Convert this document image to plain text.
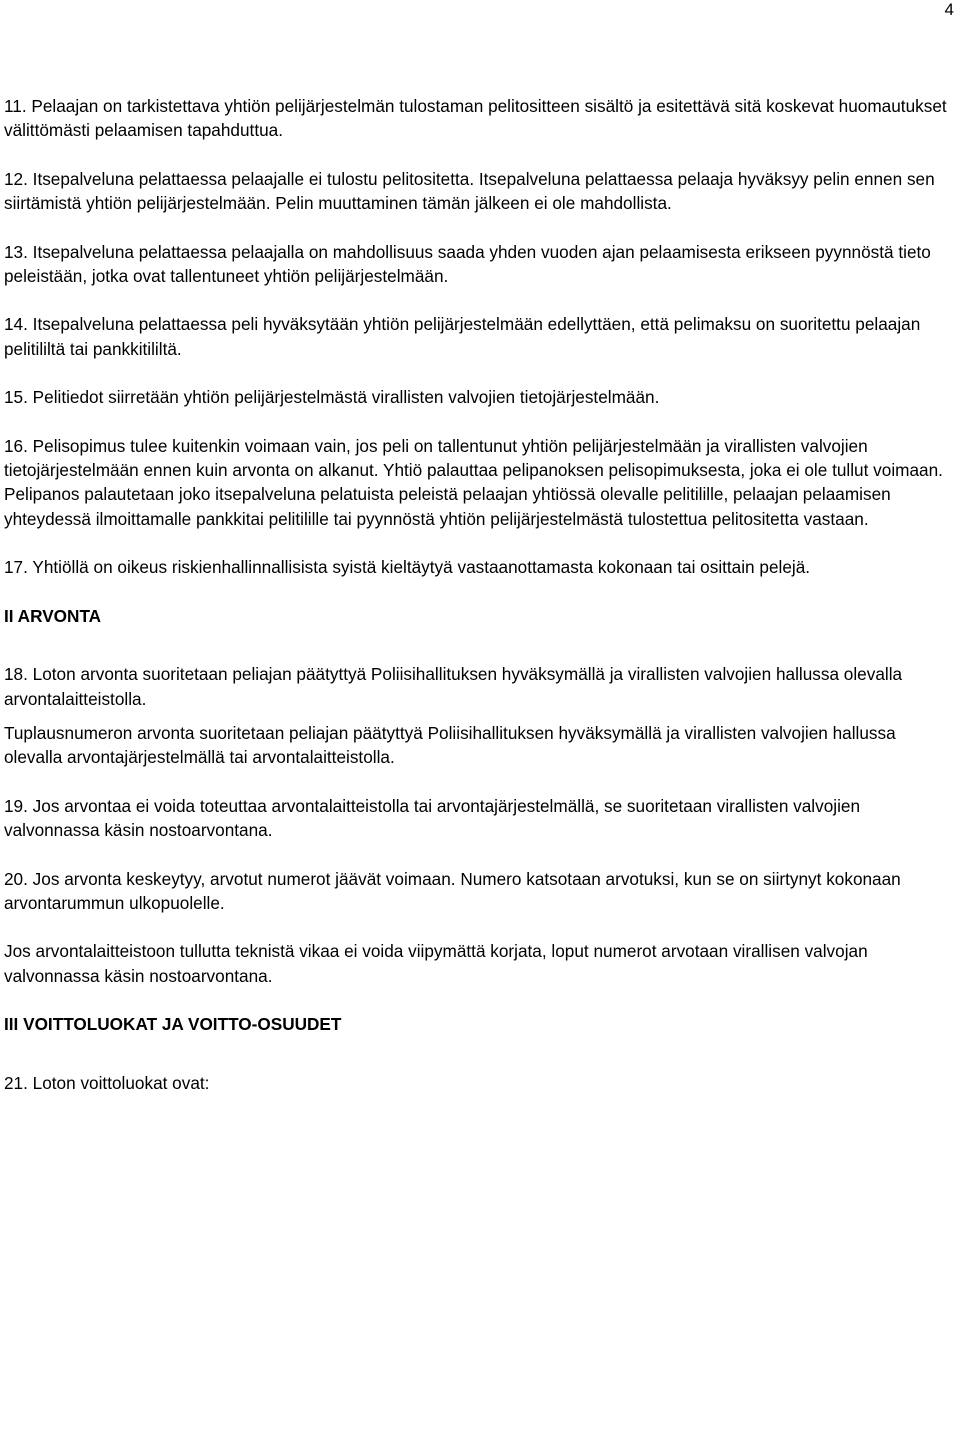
4

11. Pelaajan on tarkistettava yhtiön pelijärjestelmän tulostaman pelitositteen sisältö ja esitettävä sitä koskevat huomautukset välittömästi pelaamisen tapahduttua.

12. Itsepalveluna pelattaessa pelaajalle ei tulostu pelitositetta. Itsepalveluna pelattaessa pelaaja hyväksyy pelin ennen sen siirtämistä yhtiön pelijärjestelmään. Pelin muuttaminen tämän jälkeen ei ole mahdollista.

13. Itsepalveluna pelattaessa pelaajalla on mahdollisuus saada yhden vuoden ajan pelaamisesta erikseen pyynnöstä tieto peleistään, jotka ovat tallentuneet yhtiön pelijärjestelmään.

14. Itsepalveluna pelattaessa peli hyväksytään yhtiön pelijärjestelmään edellyttäen, että pelimaksu on suoritettu pelaajan pelitililtä tai pankkitililtä.

15. Pelitiedot siirretään yhtiön pelijärjestelmästä virallisten valvojien tietojärjestelmään.

16. Pelisopimus tulee kuitenkin voimaan vain, jos peli on tallentunut yhtiön pelijärjestelmään ja virallisten valvojien tietojärjestelmään ennen kuin arvonta on alkanut. Yhtiö palauttaa pelipanoksen pelisopimuksesta, joka ei ole tullut voimaan. Pelipanos palautetaan joko itsepalveluna pelatuista peleistä pelaajan yhtiössä olevalle pelitilille, pelaajan pelaamisen yhteydessä ilmoittamalle pankkitai pelitilille tai pyynnöstä yhtiön pelijärjestelmästä tulostettua pelitositetta vastaan.

17. Yhtiöllä on oikeus riskienhallinnallisista syistä kieltäytyä vastaanottamasta kokonaan tai osittain pelejä.

II ARVONTA

18. Loton arvonta suoritetaan peliajan päätyttyä Poliisihallituksen hyväksymällä ja virallisten valvojien hallussa olevalla arvontalaitteistolla.

Tuplausnumeron arvonta suoritetaan peliajan päätyttyä Poliisihallituksen hyväksymällä ja virallisten valvojien hallussa olevalla arvontajärjestelmällä tai arvontalaitteistolla.

19. Jos arvontaa ei voida toteuttaa arvontalaitteistolla tai arvontajärjestelmällä, se suoritetaan virallisten valvojien valvonnassa käsin nostoarvontana.

20. Jos arvonta keskeytyy, arvotut numerot jäävät voimaan. Numero katsotaan arvotuksi, kun se on siirtynyt kokonaan arvontarummun ulkopuolelle.

Jos arvontalaitteistoon tullutta teknistä vikaa ei voida viipymättä korjata, loput numerot arvotaan virallisen valvojan valvonnassa käsin nostoarvontana.

III VOITTOLUOKAT JA VOITTO-OSUUDET

21. Loton voittoluokat ovat:
